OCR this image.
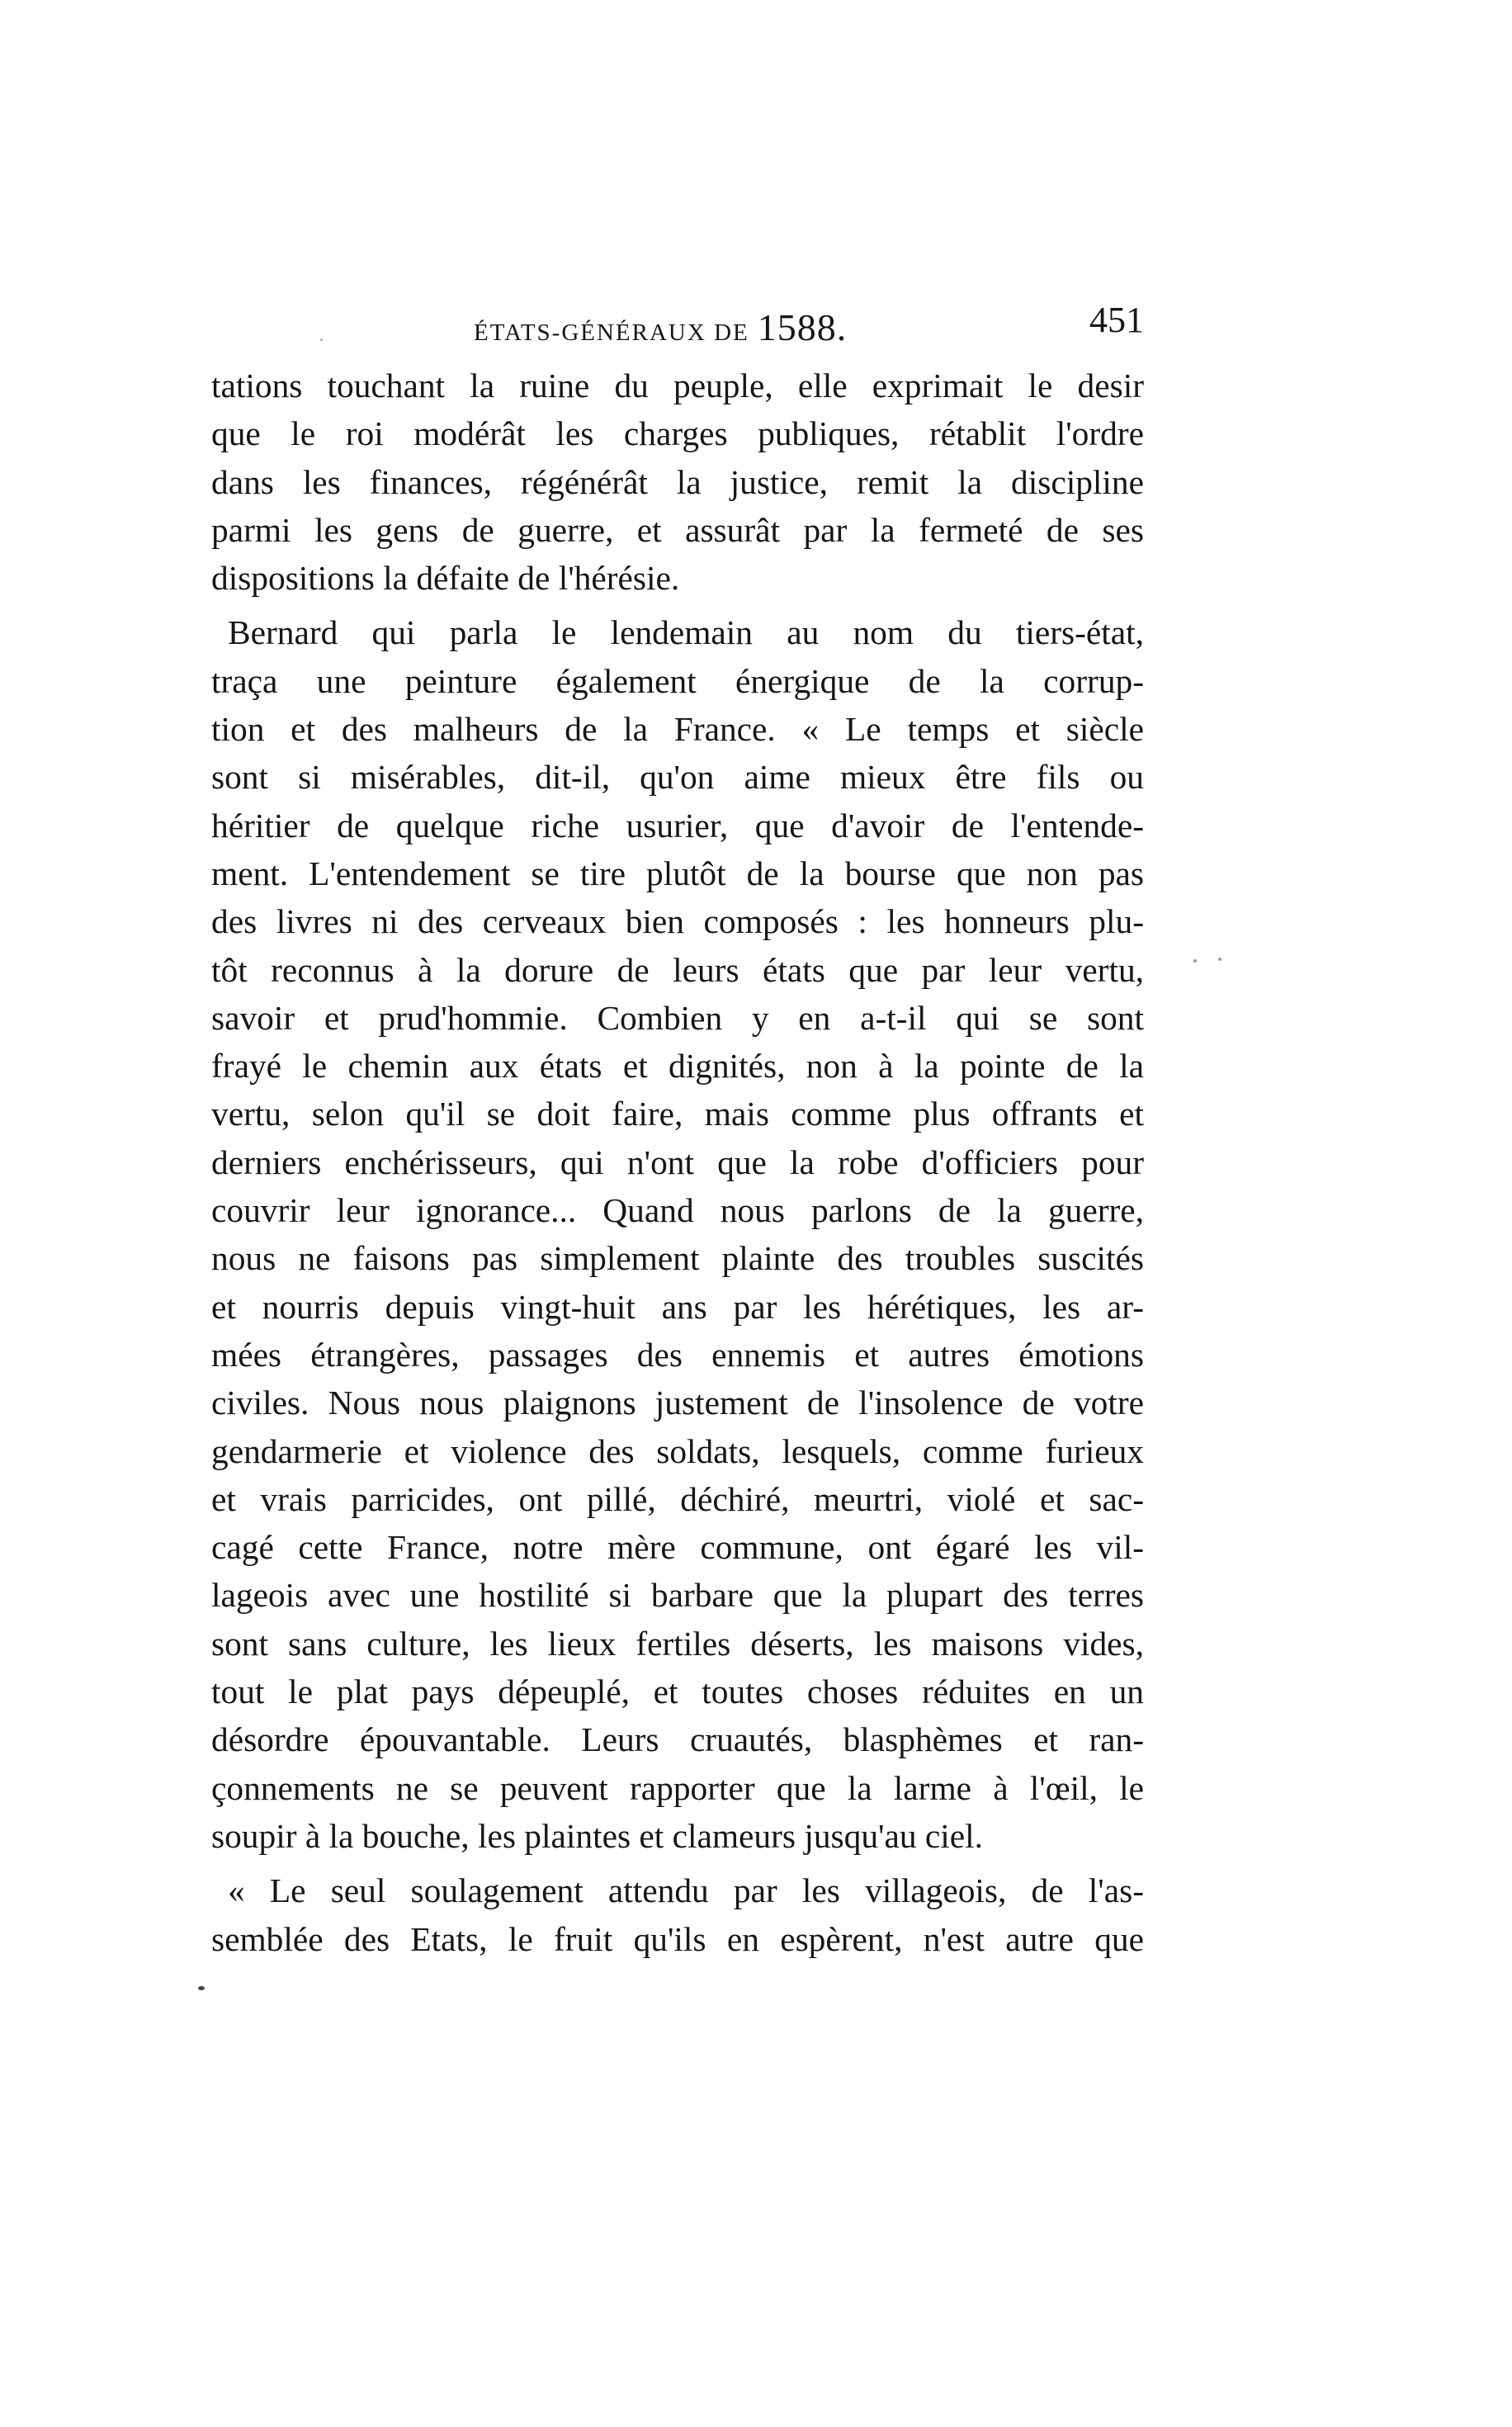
ÉTATS-GÉNÉRAUX DE 1588.	451
tations touchant la ruine du peuple, elle exprimait le desir
que le roi modérât les charges publiques, rétablit l'ordre
dans les finances, régénérât la justice, remit la discipline
parmi les gens de guerre, et assurât par la fermeté de ses
dispositions la défaite de l'hérésie.
Bernard qui parla le lendemain au nom du tiers-état,
traça une peinture également énergique de la corrup-
tion et des malheurs de la France. « Le temps et siècle
sont si misérables, dit-il, qu'on aime mieux être fils ou
héritier de quelque riche usurier, que d'avoir de l'entende-
ment. L'entendement se tire plutôt de la bourse que non pas
des livres ni des cerveaux bien composés : les honneurs plu-
tôt reconnus à la dorure de leurs états que par leur vertu,
savoir et prud'hommie. Combien y en a-t-il qui se sont
frayé le chemin aux états et dignités, non à la pointe de la
vertu, selon qu'il se doit faire, mais comme plus offrants et
derniers enchérisseurs, qui n'ont que la robe d'officiers pour
couvrir leur ignorance... Quand nous parlons de la guerre,
nous ne faisons pas simplement plainte des troubles suscités
et nourris depuis vingt-huit ans par les hérétiques, les ar-
mées étrangères, passages des ennemis et autres émotions
civiles. Nous nous plaignons justement de l'insolence de votre
gendarmerie et violence des soldats, lesquels, comme furieux
et vrais parricides, ont pillé, déchiré, meurtri, violé et sac-
cagé cette France, notre mère commune, ont égaré les vil-
lageois avec une hostilité si barbare que la plupart des terres
sont sans culture, les lieux fertiles déserts, les maisons vides,
tout le plat pays dépeuplé, et toutes choses réduites en un
désordre épouvantable. Leurs cruautés, blasphèmes et ran-
çonnements ne se peuvent rapporter que la larme à l'œil, le
soupir à la bouche, les plaintes et clameurs jusqu'au ciel.
« Le seul soulagement attendu par les villageois, de l'as-
semblée des Etats, le fruit qu'ils en espèrent, n'est autre que
